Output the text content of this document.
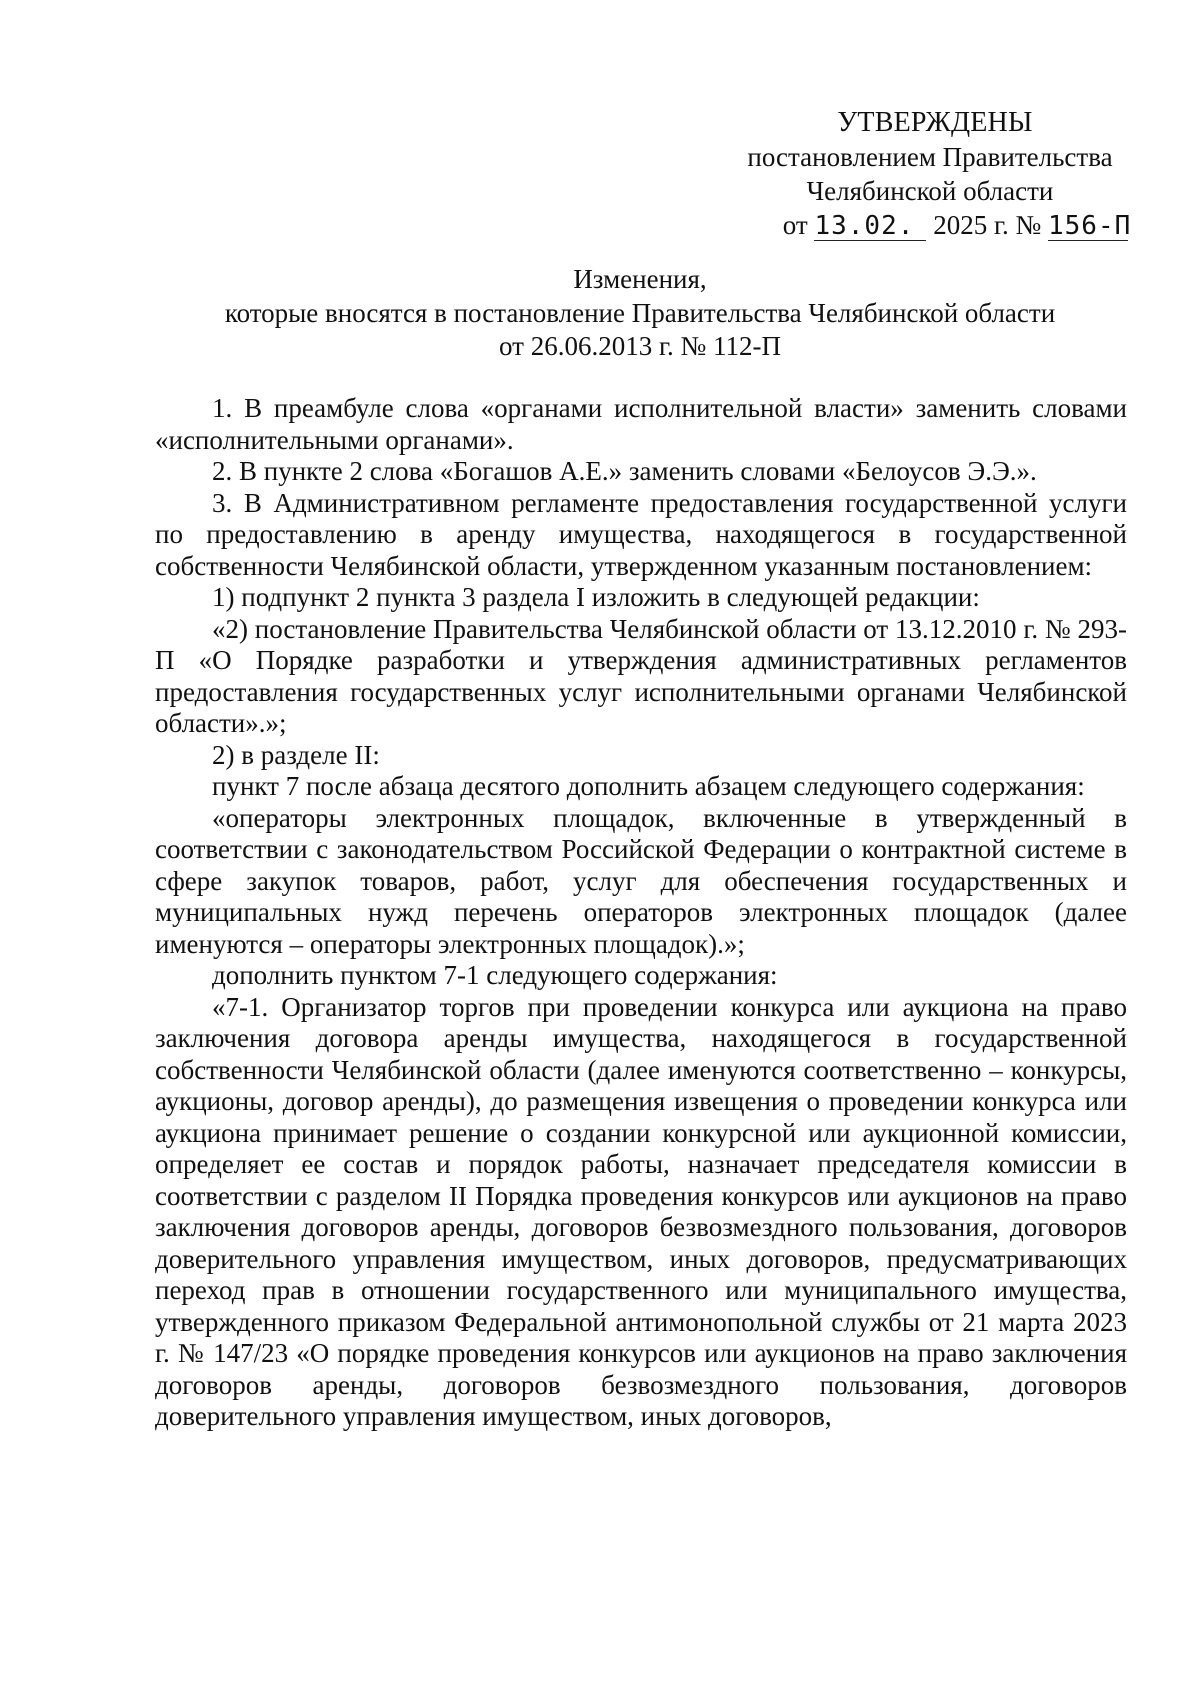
УТВЕРЖДЕНЫ
постановлением Правительства
Челябинской области
от 13.02. 2025 г. № 156-П
Изменения,
которые вносятся в постановление Правительства Челябинской области
от 26.06.2013 г. № 112-П

1. В преамбуле слова «органами исполнительной власти» заменить словами «исполнительными органами».

2. В пункте 2 слова «Богашов А.Е.» заменить словами «Белоусов Э.Э.».

3. В Административном регламенте предоставления государственной услуги по предоставлению в аренду имущества, находящегося в государственной собственности Челябинской области, утвержденном указанным постановлением:

1) подпункт 2 пункта 3 раздела I изложить в следующей редакции:

«2) постановление Правительства Челябинской области от 13.12.2010 г. № 293-П «О Порядке разработки и утверждения административных регламентов предоставления государственных услуг исполнительными органами Челябинской области».»;

2) в разделе II:

пункт 7 после абзаца десятого дополнить абзацем следующего содержания:

«операторы электронных площадок, включенные в утвержденный в соответствии с законодательством Российской Федерации о контрактной системе в сфере закупок товаров, работ, услуг для обеспечения государственных и муниципальных нужд перечень операторов электронных площадок (далее именуются – операторы электронных площадок).»;

дополнить пунктом 7-1 следующего содержания:

«7-1. Организатор торгов при проведении конкурса или аукциона на право заключения договора аренды имущества, находящегося в государственной собственности Челябинской области (далее именуются соответственно – конкурсы, аукционы, договор аренды), до размещения извещения о проведении конкурса или аукциона принимает решение о создании конкурсной или аукционной комиссии, определяет ее состав и порядок работы, назначает председателя комиссии в соответствии с разделом II Порядка проведения конкурсов или аукционов на право заключения договоров аренды, договоров безвозмездного пользования, договоров доверительного управления имуществом, иных договоров, предусматривающих переход прав в отношении государственного или муниципального имущества, утвержденного приказом Федеральной антимонопольной службы от 21 марта 2023 г. № 147/23 «О порядке проведения конкурсов или аукционов на право заключения договоров аренды, договоров безвозмездного пользования, договоров доверительного управления имуществом, иных договоров,
